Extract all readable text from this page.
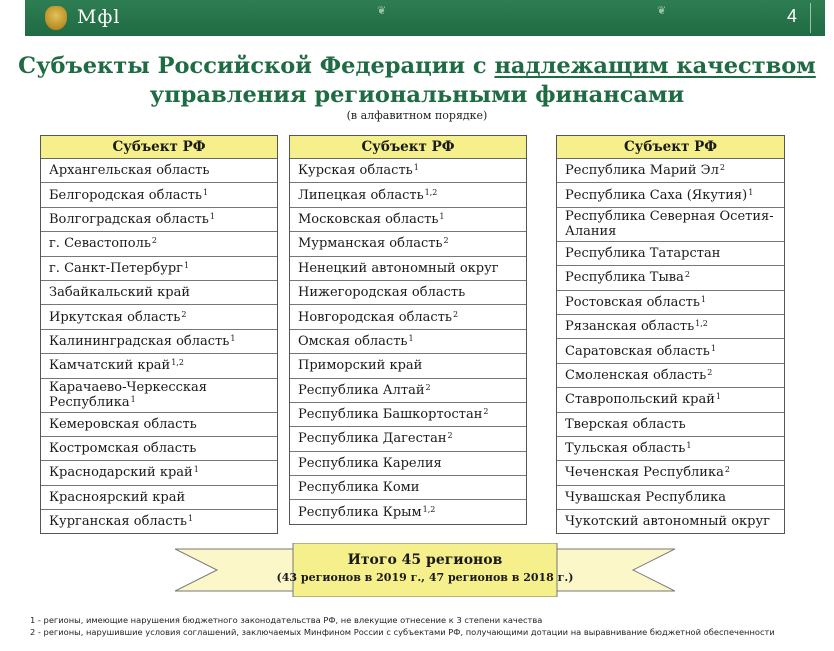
Мфl	❦	❦	4
Субъекты Российской Федерации с надлежащим качеством
управления региональными финансами
(в алфавитном порядке)
Субъект РФ
Архангельская область
Белгородская область$^1$
Волгоградская область$^1$
г. Севастополь$^2$
г. Санкт-Петербург$^1$
Забайкальский край
Иркутская область$^2$
Калининградская область$^1$
Камчатский край$^{1,2}$
Карачаево-Черкесская Республика$^1$
Кемеровская область
Костромская область
Краснодарский край$^1$
Красноярский край
Курганская область$^1$
Субъект РФ
Курская область$^1$
Липецкая область$^{1,2}$
Московская область$^1$
Мурманская область$^2$
Ненецкий автономный округ
Нижегородская область
Новгородская область$^2$
Омская область$^1$
Приморский край
Республика Алтай$^2$
Республика Башкортостан$^2$
Республика Дагестан$^2$
Республика Карелия
Республика Коми
Республика Крым$^{1,2}$
Субъект РФ
Республика Марий $Эл^2$
Республика Саха (Якутия)$^1$
Республика Северная Осетия-Алания
Республика Татарстан
Республика Тыва$^2$
Ростовская область$^1$
Рязанская область$^{1,2}$
Саратовская область$^1$
Смоленская область$^2$
Ставропольский край$^1$
Тверская область
Тульская область$^1$
Чеченская Республика$^2$
Чувашская Республика
Чукотский автономный округ
Итого 45 регионов
(43 регионов в 2019 г., 47 регионов в 2018 г.)
1 - регионы, имеющие нарушения бюджетного законодательства РФ, не влекущие отнесение к 3 степени качества
2 - регионы, нарушившие условия соглашений, заключаемых Минфином России с субъектами РФ, получающими дотации на выравнивание бюджетной обеспеченности
